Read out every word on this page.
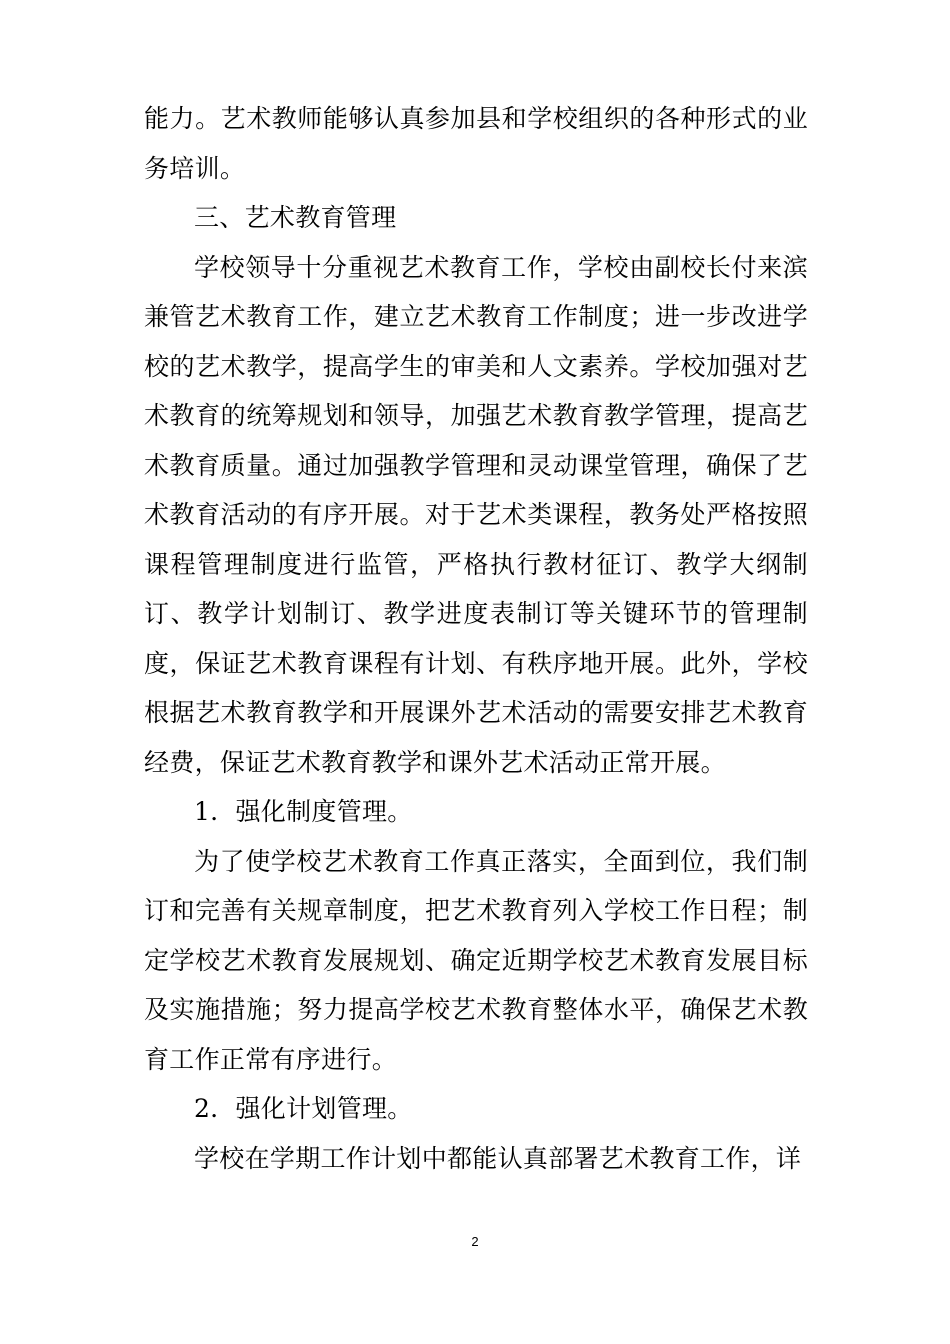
能力。艺术教师能够认真参加县和学校组织的各种形式的业务培训。

三、艺术教育管理

学校领导十分重视艺术教育工作，学校由副校长付来滨兼管艺术教育工作，建立艺术教育工作制度；进一步改进学校的艺术教学，提高学生的审美和人文素养。学校加强对艺术教育的统筹规划和领导，加强艺术教育教学管理，提高艺术教育质量。通过加强教学管理和灵动课堂管理，确保了艺术教育活动的有序开展。对于艺术类课程，教务处严格按照课程管理制度进行监管，严格执行教材征订、教学大纲制订、教学计划制订、教学进度表制订等关键环节的管理制度，保证艺术教育课程有计划、有秩序地开展。此外，学校根据艺术教育教学和开展课外艺术活动的需要安排艺术教育经费，保证艺术教育教学和课外艺术活动正常开展。

1．强化制度管理。

为了使学校艺术教育工作真正落实，全面到位，我们制订和完善有关规章制度，把艺术教育列入学校工作日程；制定学校艺术教育发展规划、确定近期学校艺术教育发展目标及实施措施；努力提高学校艺术教育整体水平，确保艺术教育工作正常有序进行。

2．强化计划管理。

学校在学期工作计划中都能认真部署艺术教育工作，详

2
